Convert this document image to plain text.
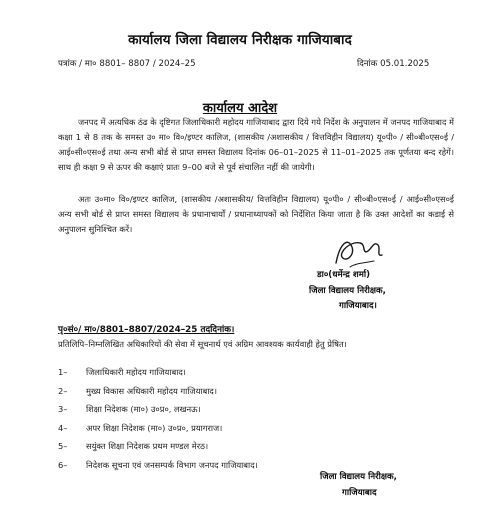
कार्यालय जिला विद्यालय निरीक्षक गाजियाबाद
पत्रांक / मा० 8801– 8807 / 2024–25	दिनांक 05.01.2025
कार्यालय आदेश
जनपद में अत्यधिक ठंढ के दृष्टिगत जिलाधिकारी महोदय गाजियाबाद द्वारा दिये गये निर्देश के अनुपालन में जनपद गाजियाबाद में कक्षा 1 से 8 तक के समस्त उ० मा० वि०/इण्टर कालिज, (शासकीय /अशासकीय / वित्तविहीन विद्यालय) यू०पी० / सी०बी०एस०ई / आई०सी०एस०ई तथा अन्य सभी बोर्ड से प्राप्त समस्त विद्यालय दिनांक 06–01–2025 से 11–01–2025 तक पूर्णतया बन्द रहेगें। साथ ही कक्षा 9 से ऊपर की कक्षाएं प्रातः 9–00 बजे से पूर्व संचालित नहीं की जायेगी।
अतः उ०मा० वि०/इण्टर कालिज, (शासकीय /अशासकीय/ वित्तविहीन विद्यालय) यू०पी० / सी०बी०एस०ई / आई०सी०एस०ई अन्य सभी बोर्ड से प्राप्त समस्त विद्यालय के प्रधानाचार्यों / प्रधानाध्यापकों को निर्देशित किया जाता है कि उक्त आदेशों का कडाई से अनुपालन सुनिश्चित करें।
डा०(धर्मेन्द्र शर्मा)
जिला विद्यालय निरीक्षक,
गाजियाबाद।
पृ०सं०/ मा०/8801–8807/2024–25 तददिनांक।
प्रतिलिपि–निम्नलिखित अधिकारियों की सेवा में सूचनार्थ एवं अग्रिम आवश्यक कार्यवाही हेतु प्रेषित।
1– जिलाधिकारी महोदय गाजियाबाद।
2– मुख्य विकास अधिकारी महोदय गाजियाबाद।
3– शिक्षा निदेशक (मा०) उ०प्र०, लखनऊ।
4– अपर शिक्षा निदेशक (मा०) उ०प्र०, प्रयागराज।
5– सयुंक्त शिक्षा निदेशक प्रथम मण्डल मेरठ।
6– निदेशक सूचना एवं जनसम्पर्क विभाग जनपद गाजियाबाद।
जिला विद्यालय निरीक्षक,
गाजियाबाद
